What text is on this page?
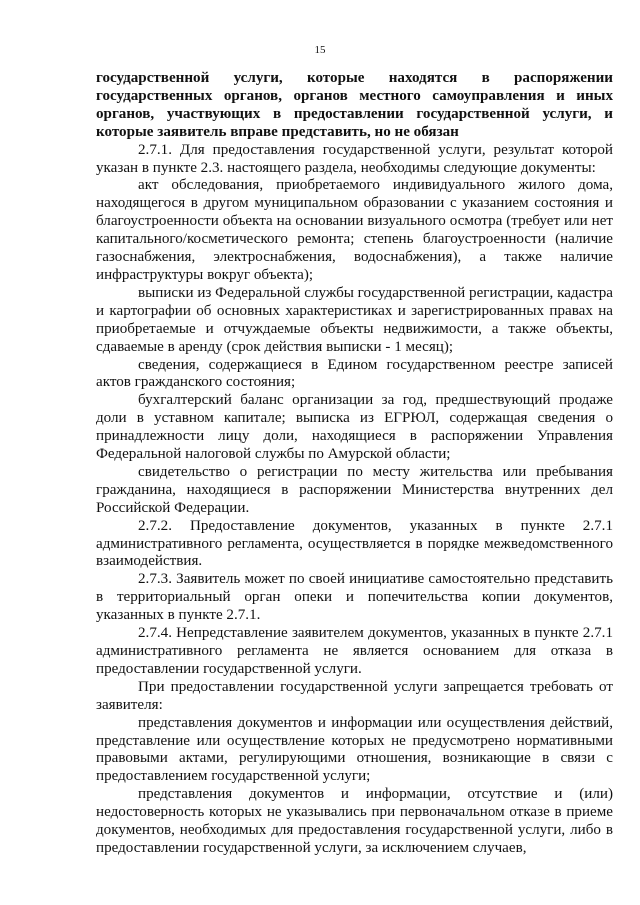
15

государственной услуги, которые находятся в распоряжении государственных органов, органов местного самоуправления и иных органов, участвующих в предоставлении государственной услуги, и которые заявитель вправе представить, но не обязан

2.7.1. Для предоставления государственной услуги, результат которой указан в пункте 2.3. настоящего раздела, необходимы следующие документы:

акт обследования, приобретаемого индивидуального жилого дома, находящегося в другом муниципальном образовании с указанием состояния и благоустроенности объекта на основании визуального осмотра (требует или нет капитального/косметического ремонта; степень благоустроенности (наличие газоснабжения, электроснабжения, водоснабжения), а также наличие инфраструктуры вокруг объекта);

выписки из Федеральной службы государственной регистрации, кадастра и картографии об основных характеристиках и зарегистрированных правах на приобретаемые и отчуждаемые объекты недвижимости, а также объекты, сдаваемые в аренду (срок действия выписки - 1 месяц);

сведения, содержащиеся в Едином государственном реестре записей актов гражданского состояния;

бухгалтерский баланс организации за год, предшествующий продаже доли в уставном капитале; выписка из ЕГРЮЛ, содержащая сведения о принадлежности лицу доли, находящиеся в распоряжении Управления Федеральной налоговой службы по Амурской области;

свидетельство о регистрации по месту жительства или пребывания гражданина, находящиеся в распоряжении Министерства внутренних дел Российской Федерации.

2.7.2. Предоставление документов, указанных в пункте 2.7.1 административного регламента, осуществляется в порядке межведомственного взаимодействия.

2.7.3. Заявитель может по своей инициативе самостоятельно представить в территориальный орган опеки и попечительства копии документов, указанных в пункте 2.7.1.

2.7.4. Непредставление заявителем документов, указанных в пункте 2.7.1 административного регламента не является основанием для отказа в предоставлении государственной услуги.

При предоставлении государственной услуги запрещается требовать от заявителя:

представления документов и информации или осуществления действий, представление или осуществление которых не предусмотрено нормативными правовыми актами, регулирующими отношения, возникающие в связи с предоставлением государственной услуги;

представления документов и информации, отсутствие и (или) недостоверность которых не указывались при первоначальном отказе в приеме документов, необходимых для предоставления государственной услуги, либо в предоставлении государственной услуги, за исключением случаев,
